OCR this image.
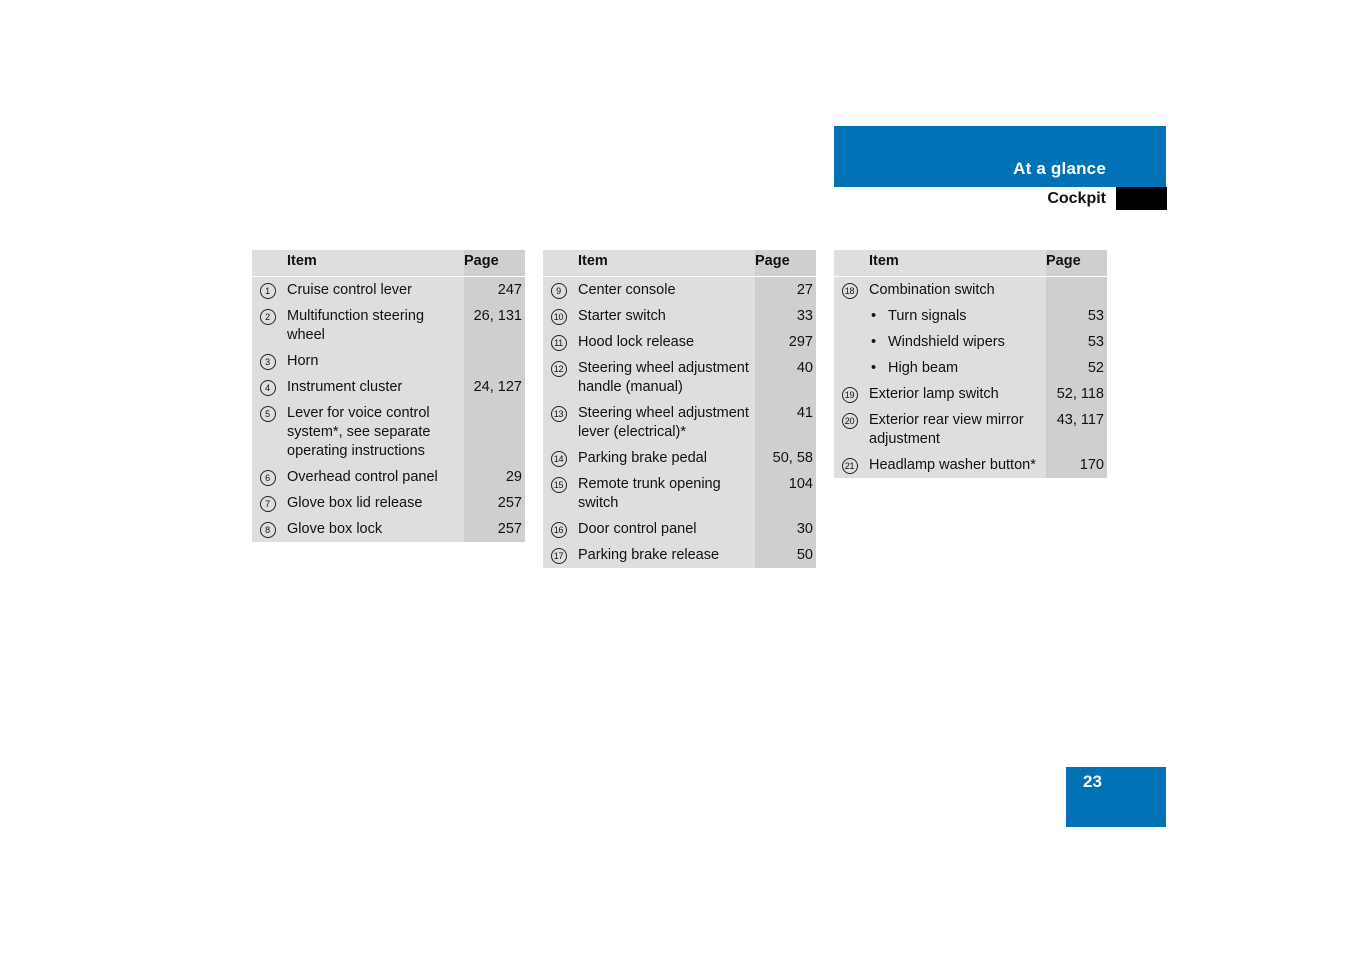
At a glance
Cockpit
	Item	Page
1	Cruise control lever	247
2	Multifunction steering wheel	26, 131
3	Horn	
4	Instrument cluster	24, 127
5	Lever for voice control system*, see separate operating instructions	
6	Overhead control panel	29
7	Glove box lid release	257
8	Glove box lock	257
	Item	Page
9	Center console	27
10	Starter switch	33
11	Hood lock release	297
12	Steering wheel adjustment handle (manual)	40
13	Steering wheel adjustment lever (electrical)*	41
14	Parking brake pedal	50, 58
15	Remote trunk opening switch	104
16	Door control panel	30
17	Parking brake release	50
	Item	Page
18	Combination switch	
	• Turn signals	53
	• Windshield wipers	53
	• High beam	52
19	Exterior lamp switch	52, 118
20	Exterior rear view mirror adjustment	43, 117
21	Headlamp washer button*	170
23
